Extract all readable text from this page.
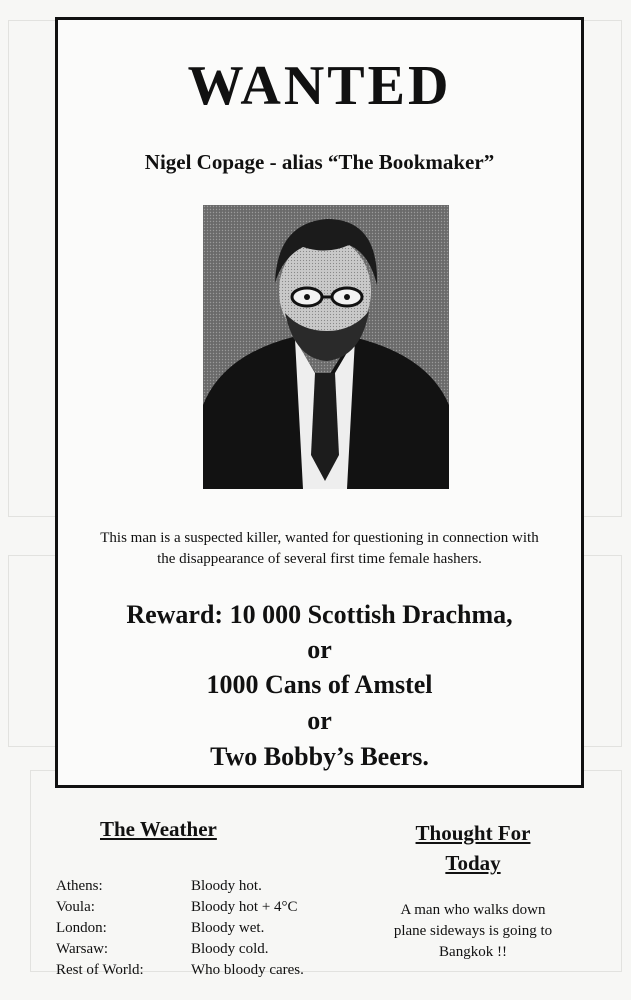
WANTED
Nigel Copage - alias “The Bookmaker”
This man is a suspected killer, wanted for questioning in connection with
the disappearance of several first time female hashers.
Reward: 10 000 Scottish Drachma,
or
1000 Cans of Amstel
or
Two Bobby’s Beers.
The Weather
Athens:	Bloody hot.
Voula:	Bloody hot + 4°C
London:	Bloody wet.
Warsaw:	Bloody cold.
Rest of World:	Who bloody cares.
Thought For
Today
A man who walks down
plane sideways is going to
Bangkok !!
